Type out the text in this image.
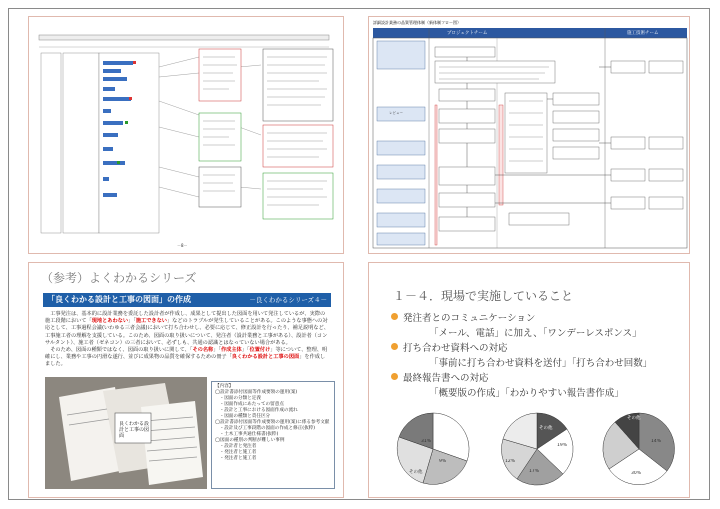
－8－
詳細設計業務の品質管理体制（新体制フロー図）
プロジェクトチーム	施工技術チーム
レビュー
（参考）よくわかるシリーズ
「良くわかる設計と工事の図面」の作成	－良くわかるシリーズ４－

工事発注は、基本的に設計業務を委託した設計者が作成し、成果として提出した図面を用いて発注しているが、実際の施工段階において「現地とあわない」「施工できない」などのトラブルが発生していることがある。このような事態への対応として、工事過程会議(いわゆる三者会議)において打ち合わせし、必要に応じて、修正設計を行ったり、補足説明など、工事施工者の理解を支援している。このため、図面の取り扱いについて、発注者（設計業務と工事がある）、設計者（コンサルタント）、施工者（ゼネコン）の三者において、必ずしも、共通の認識とはなっていない場合がある。

そのため、図面の種類ではなく、図面の取り扱いに関して、「その名称」「作成主体」「位置付け」等について、整理、明確にし、業務や工事の円滑な遂行、並びに成果物の品質を確保するための冊子「良くわかる設計と工事の図面」を作成しました。

良くわかる設計と工事の図面
【内容】
◯設計書添付図面等作成要領の運用(案)
　・図面の分類と定義
　・図面作成にあたっての留意点
　・設計と工事における図面作成の流れ
　・図面の種類と責任区分
◯設計書添付図面等作成要領の運用(案)に係る参考文献
　・設計及び工事段階の図面の作成と修正(抜粋)
　・土木工事共通仕様書(抜粋)
◯図面の種別の判断が難しい事例
　・設計者と発注者
　・発注者と施工者
　・発注者と施工者
１－４．現場で実施していること
発注者とのコミュニケーション
「メール、電話」に加え、「ワンデーレスポンス」
打ち合わせ資料への対応
「事前に打ち合わせ資料を送付」「打ち合わせ回数」
最終報告書への対応
「概要版の作成」「わかりやすい報告書作成」
31%
その他
9%
その他
19%
17%
12%
その他
14%
30%
